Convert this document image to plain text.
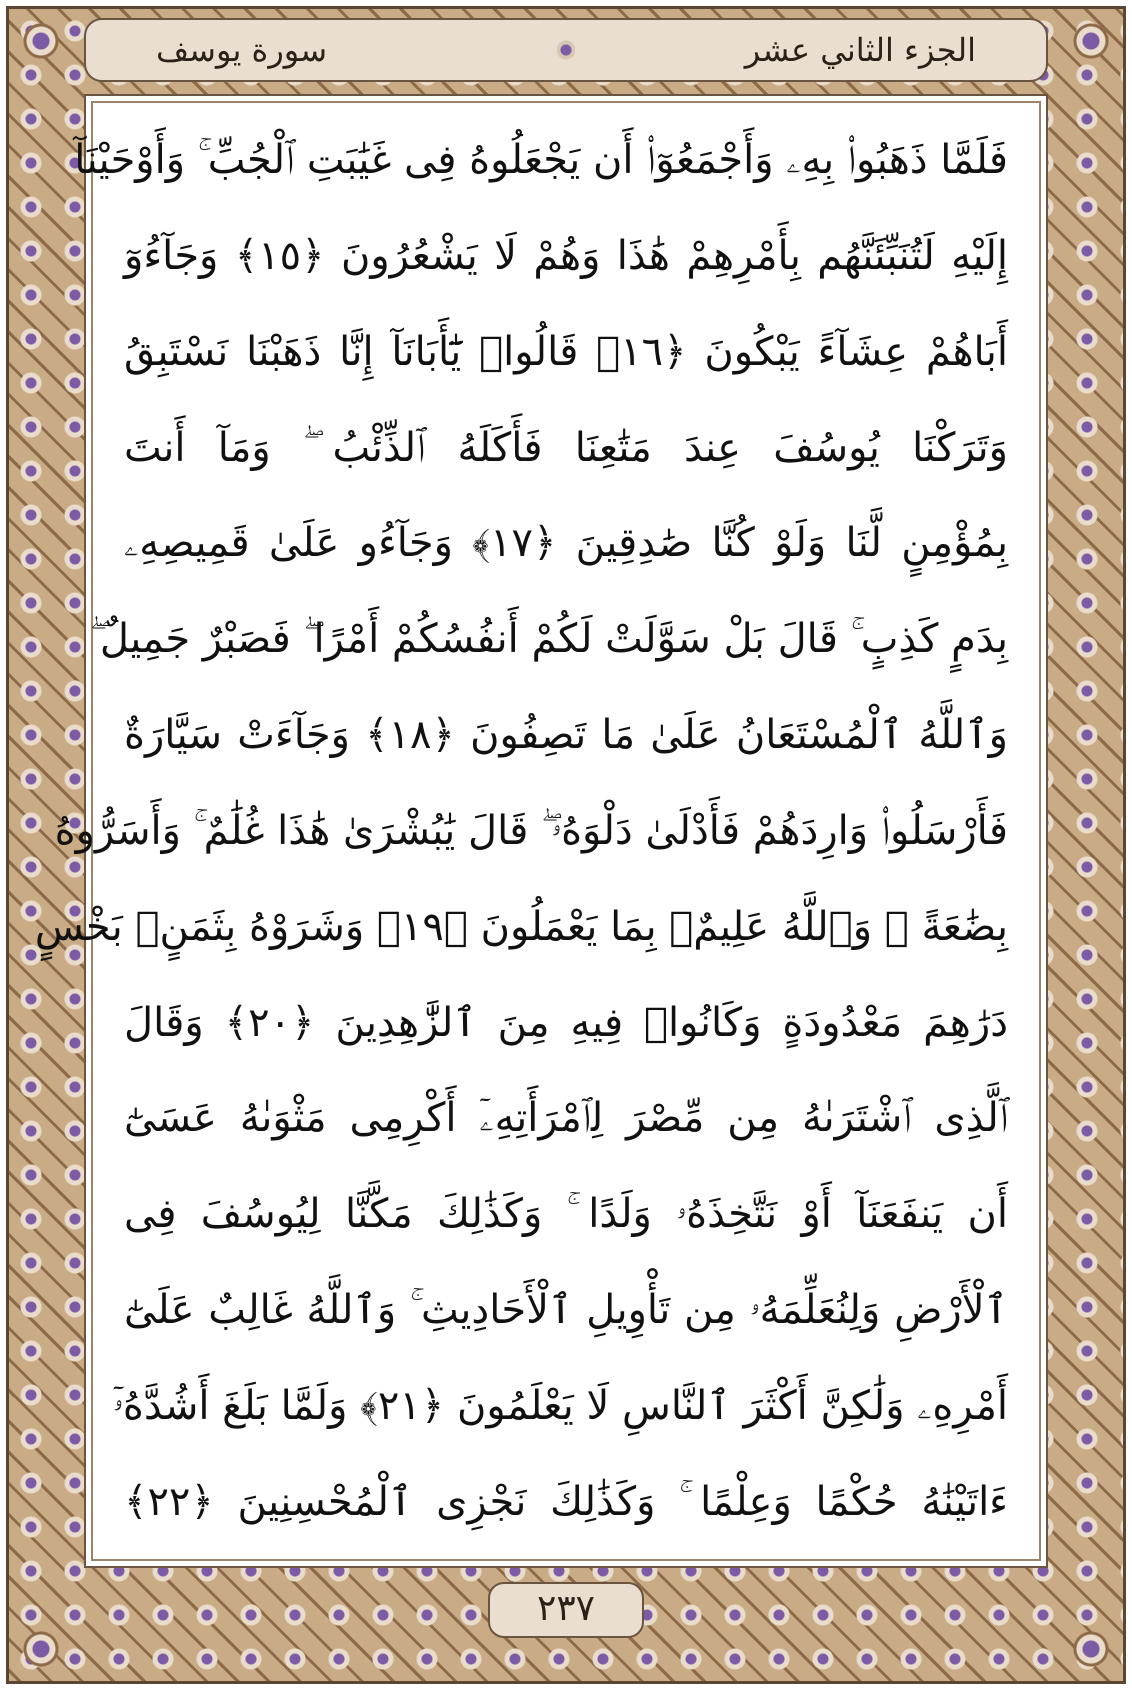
الجزء الثاني عشر
سورة يوسف
فَلَمَّا ذَهَبُوا۟ بِهِۦ وَأَجْمَعُوٓا۟ أَن يَجْعَلُوهُ فِى غَيَٰبَتِ ٱلْجُبِّ ۚ وَأَوْحَيْنَآ
إِلَيْهِ لَتُنَبِّئَنَّهُم بِأَمْرِهِمْ هَٰذَا وَهُمْ لَا يَشْعُرُونَ ﴿١٥﴾ وَجَآءُوٓ
أَبَاهُمْ عِشَآءً يَبْكُونَ ﴿١٦﴾ قَالُوا۟ يَٰٓأَبَانَآ إِنَّا ذَهَبْنَا نَسْتَبِقُ
وَتَرَكْنَا يُوسُفَ عِندَ مَتَٰعِنَا فَأَكَلَهُ ٱلذِّئْبُ ۖ وَمَآ أَنتَ
بِمُؤْمِنٍ لَّنَا وَلَوْ كُنَّا صَٰدِقِينَ ﴿١٧﴾ وَجَآءُو عَلَىٰ قَمِيصِهِۦ
بِدَمٍ كَذِبٍ ۚ قَالَ بَلْ سَوَّلَتْ لَكُمْ أَنفُسُكُمْ أَمْرًا ۖ فَصَبْرٌ جَمِيلٌ ۖ
وَٱللَّهُ ٱلْمُسْتَعَانُ عَلَىٰ مَا تَصِفُونَ ﴿١٨﴾ وَجَآءَتْ سَيَّارَةٌ
فَأَرْسَلُوا۟ وَارِدَهُمْ فَأَدْلَىٰ دَلْوَهُۥ ۖ قَالَ يَٰبُشْرَىٰ هَٰذَا غُلَٰمٌ ۚ وَأَسَرُّوهُ
بِضَٰعَةً ۚ وَٱللَّهُ عَلِيمٌۢ بِمَا يَعْمَلُونَ ﴿١٩﴾ وَشَرَوْهُ بِثَمَنٍۭ بَخْسٍ
دَرَٰهِمَ مَعْدُودَةٍ وَكَانُوا۟ فِيهِ مِنَ ٱلزَّٰهِدِينَ ﴿٢٠﴾ وَقَالَ
ٱلَّذِى ٱشْتَرَىٰهُ مِن مِّصْرَ لِٱمْرَأَتِهِۦٓ أَكْرِمِى مَثْوَىٰهُ عَسَىٰٓ
أَن يَنفَعَنَآ أَوْ نَتَّخِذَهُۥ وَلَدًا ۚ وَكَذَٰلِكَ مَكَّنَّا لِيُوسُفَ فِى
ٱلْأَرْضِ وَلِنُعَلِّمَهُۥ مِن تَأْوِيلِ ٱلْأَحَادِيثِ ۚ وَٱللَّهُ غَالِبٌ عَلَىٰٓ
أَمْرِهِۦ وَلَٰكِنَّ أَكْثَرَ ٱلنَّاسِ لَا يَعْلَمُونَ ﴿٢١﴾ وَلَمَّا بَلَغَ أَشُدَّهُۥٓ
ءَاتَيْنَٰهُ حُكْمًا وَعِلْمًا ۚ وَكَذَٰلِكَ نَجْزِى ٱلْمُحْسِنِينَ ﴿٢٢﴾
٢٣٧
